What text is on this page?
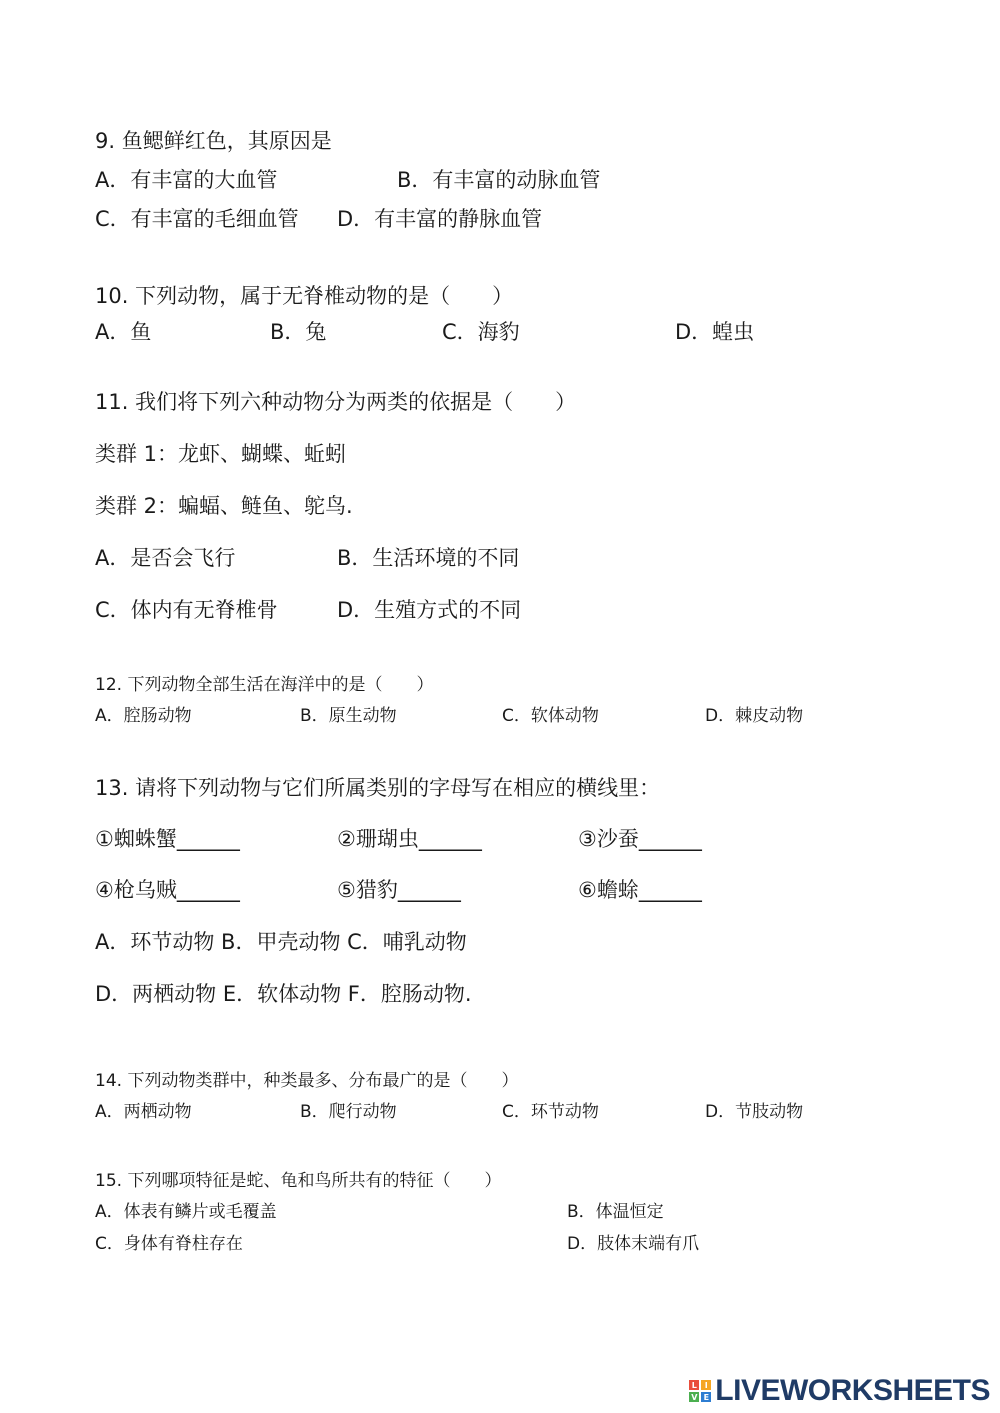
9. 鱼鳃鲜红色，其原因是
A．有丰富的大血管	B．有丰富的动脉血管
C．有丰富的毛细血管 D．有丰富的静脉血管
10. 下列动物，属于无脊椎动物的是（　　）
A．鱼	B．兔	C．海豹	D．蝗虫
11. 我们将下列六种动物分为两类的依据是（　　）
类群 1：龙虾、蝴蝶、蚯蚓
类群 2：蝙蝠、鲢鱼、鸵鸟.
A．是否会飞行	B．生活环境的不同
C．体内有无脊椎骨	D．生殖方式的不同
12. 下列动物全部生活在海洋中的是（　　）
A．腔肠动物	B．原生动物	C．软体动物	D．棘皮动物
13. 请将下列动物与它们所属类别的字母写在相应的横线里：
①蜘蛛蟹______	②珊瑚虫______	③沙蚕______
④枪乌贼______	⑤猎豹______	⑥蟾蜍______
A．环节动物 B．甲壳动物 C．哺乳动物
D．两栖动物 E．软体动物 F．腔肠动物.
14. 下列动物类群中，种类最多、分布最广的是（　　）
A．两栖动物	B．爬行动物	C．环节动物	D．节肢动物
15. 下列哪项特征是蛇、龟和鸟所共有的特征（　　）
A．体表有鳞片或毛覆盖	B．体温恒定
C．身体有脊柱存在	D．肢体末端有爪
L I
V E LIVEWORKSHEETS
